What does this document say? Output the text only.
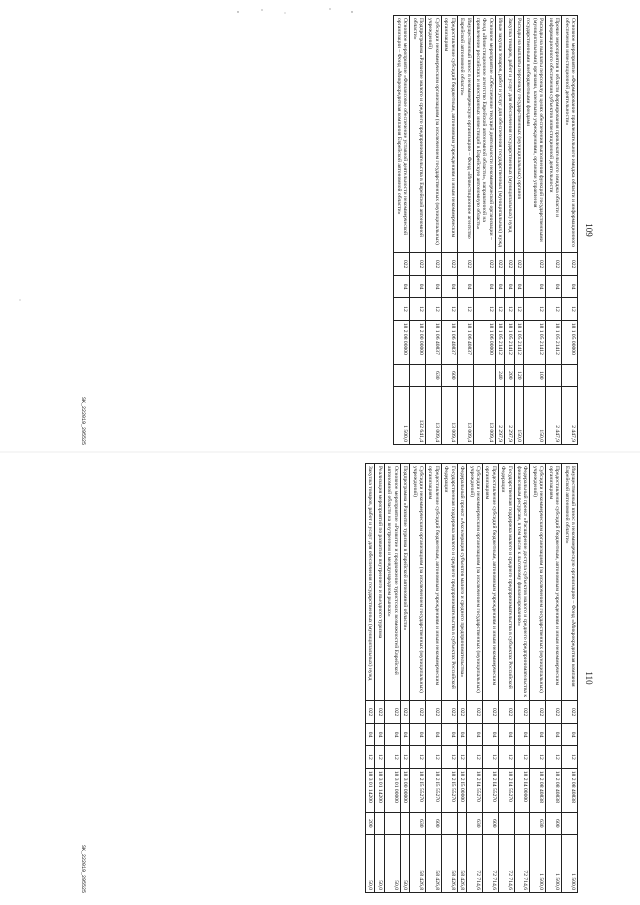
109
Основное мероприятие «Формирование привлекательного имиджа области и информационного обеспечения инвестиционной деятельности»	022	04	12	18 1 05 00000		2 447,9
Прочие мероприятия в области формирования привлекательного имиджа области и информационного обеспечения субъектов инвестиционной деятельности	022	04	12	18 1 05 21412		2 447,9
Расходы на выплаты персоналу в целях обеспечения выполнения функций государственными (муниципальными) органами, казенными учреждениями, органами управления государственными внебюджетными фондами	022	04	12	18 1 05 21412	100	150,0
Расходы на выплаты персоналу государственных (муниципальных) органов	022	04	12	18 1 05 21412	120	150,0
Закупка товаров, работ и услуг для обеспечения государственных (муниципальных) нужд	022	04	12	18 1 05 21412	200	2 297,9
Иные закупки товаров, работ и услуг для обеспечения государственных (муниципальных) нужд	022	04	12	18 1 05 21412	240	2 297,9
Основное мероприятие «Обеспечение текущей деятельности некоммерческой организации – Фонд «Инвестиционное агентство Еврейской автономной области», направленной на привлечение российских и иностранных инвестиций в Еврейскую автономную область»	022	04	12	18 1 06 00000		13 009,4
Имущественный взнос в некоммерческую организацию – Фонд «Инвестиционное агентство Еврейской автономной области»	022	04	12	18 1 06 40837		13 009,4
Предоставление субсидий бюджетным, автономным учреждениям и иным некоммерческим организациям	022	04	12	18 1 06 40837	600	13 009,4
Субсидии некоммерческим организациям (за исключением государственных (муниципальных) учреждений)	022	04	12	18 1 06 40837	630	13 009,4
Подпрограмма «Развитие малого и среднего предпринимательства в Еврейской автономной области»	022	04	12	18 2 00 00000		132 641,4
Основное мероприятие «Финансовое обеспечение уставной деятельности некоммерческой организации – Фонд «Микрокредитная компания Еврейской автономной области»	022	04	12	18 2 08 00000		1 500,0
SK_222019_295525
110
Имущественный взнос в некоммерческую организацию – Фонд «Микрокредитная компания Еврейской автономной области»	022	04	12	18 2 08 40838		1 500,0
Предоставление субсидий бюджетным, автономным учреждениям и иным некоммерческим организациям	022	04	12	18 2 08 40838	600	1 500,0
Субсидии некоммерческим организациям (за исключением государственных (муниципальных) учреждений)	022	04	12	18 2 08 40838	630	1 500,0
Федеральный проект «Расширение доступа субъектов малого и среднего предпринимательства к финансовым ресурсам, в том числе к льготному финансированию»	022	04	12	18 2 I4 00000		72 714,6
Государственная поддержка малого и среднего предпринимательства в субъектах Российской Федерации	022	04	12	18 2 I4 55270		72 714,6
Предоставление субсидий бюджетным, автономным учреждениям и иным некоммерческим организациям	022	04	12	18 2 I4 55270	600	72 714,6
Субсидии некоммерческим организациям (за исключением государственных (муниципальных) учреждений)	022	04	12	18 2 I4 55270	630	72 714,6
Федеральный проект «Акселерация субъектов малого и среднего предпринимательства»	022	04	12	18 2 I5 00000		58 426,8
Государственная поддержка малого и среднего предпринимательства в субъектах Российской Федерации	022	04	12	18 2 I5 55270		58 426,8
Предоставление субсидий бюджетным, автономным учреждениям и иным некоммерческим организациям	022	04	12	18 2 I5 55270	600	58 426,8
Субсидии некоммерческим организациям (за исключением государственных (муниципальных) учреждений)	022	04	12	18 2 I5 55270	630	58 426,8
Подпрограмма «Развитие туризма в Еврейской автономной области»	022	04	12	18 3 00 00000		50,0
Основное мероприятие «Развитие и продвижение туристских возможностей Еврейской автономной области на внутреннем и международном рынках»	022	04	12	18 3 01 00000		50,0
Реализация мероприятий по развитию внутреннего и въездного туризма	022	04	12	18 3 01 14200		50,0
Закупка товаров, работ и услуг для обеспечения государственных (муниципальных) нужд	022	04	12	18 3 01 14200	200	50,0
SK_222019_295525
